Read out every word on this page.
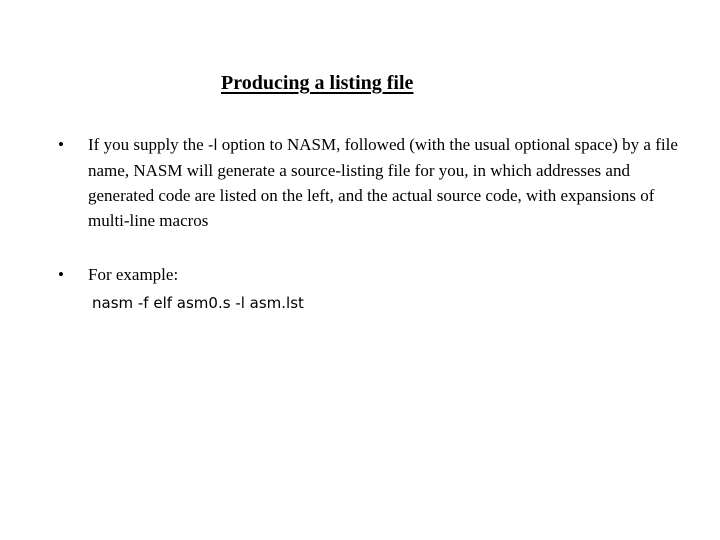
Producing a listing file
• If you supply the -l option to NASM, followed (with the usual optional space) by a file name, NASM will generate a source-listing file for you, in which addresses and generated code are listed on the left, and the actual source code, with expansions of multi-line macros
• For example:
nasm -f elf asm0.s -l asm.lst
